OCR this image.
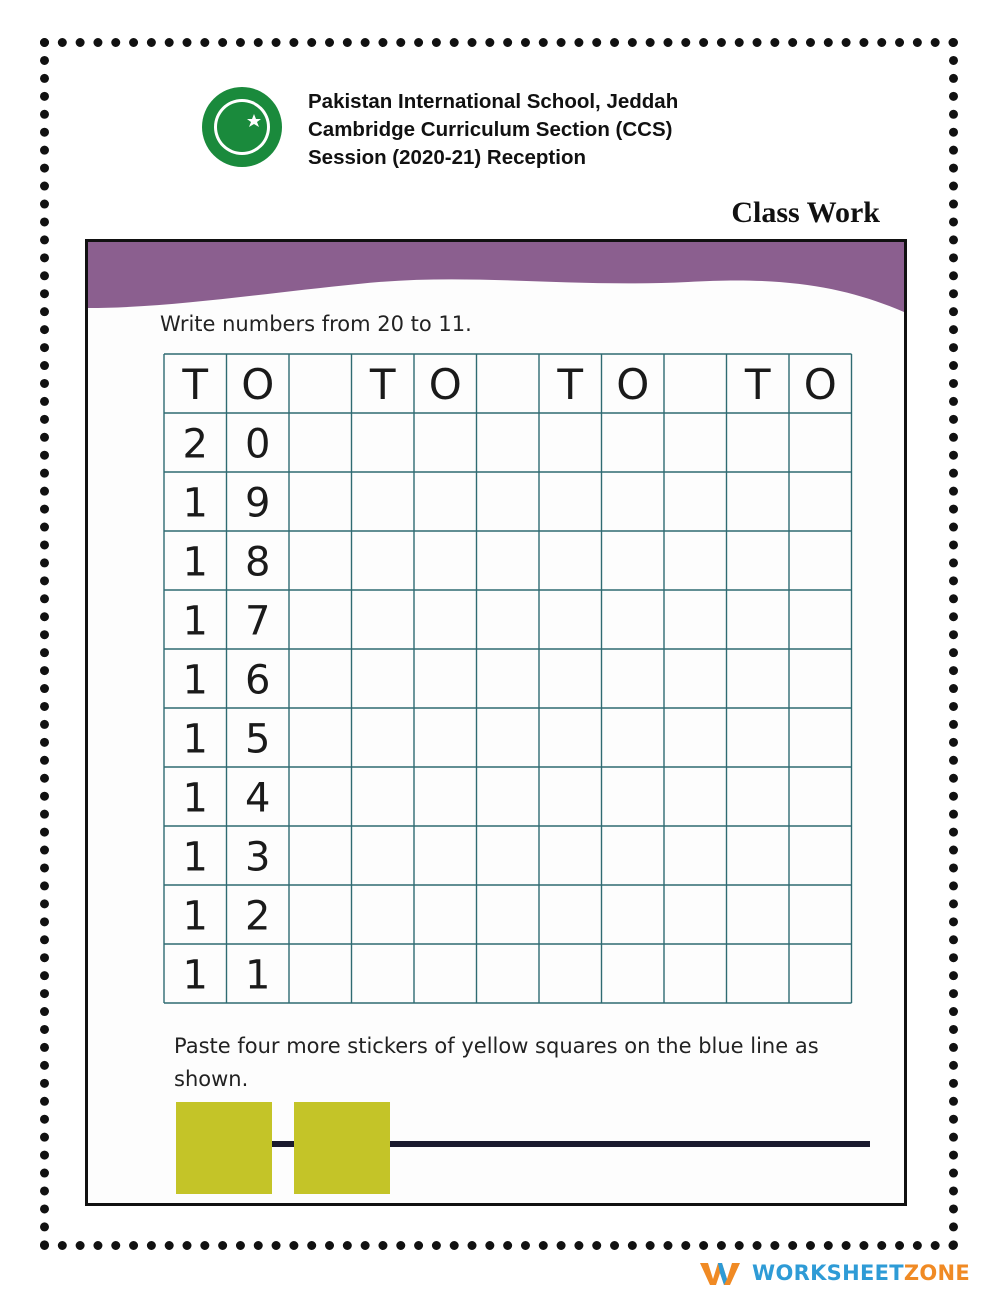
Pakistan International School, Jeddah
Cambridge Curriculum Section (CCS)
Session (2020-21) Reception
Class Work
Write numbers from 20 to 11.
T O T O T O T O
2 0
1 9
1 8
1 7
1 6
1 5
1 4
1 3
1 2
1 1
Paste four more stickers of yellow squares on the blue line as shown.
WORKSHEETZONE
